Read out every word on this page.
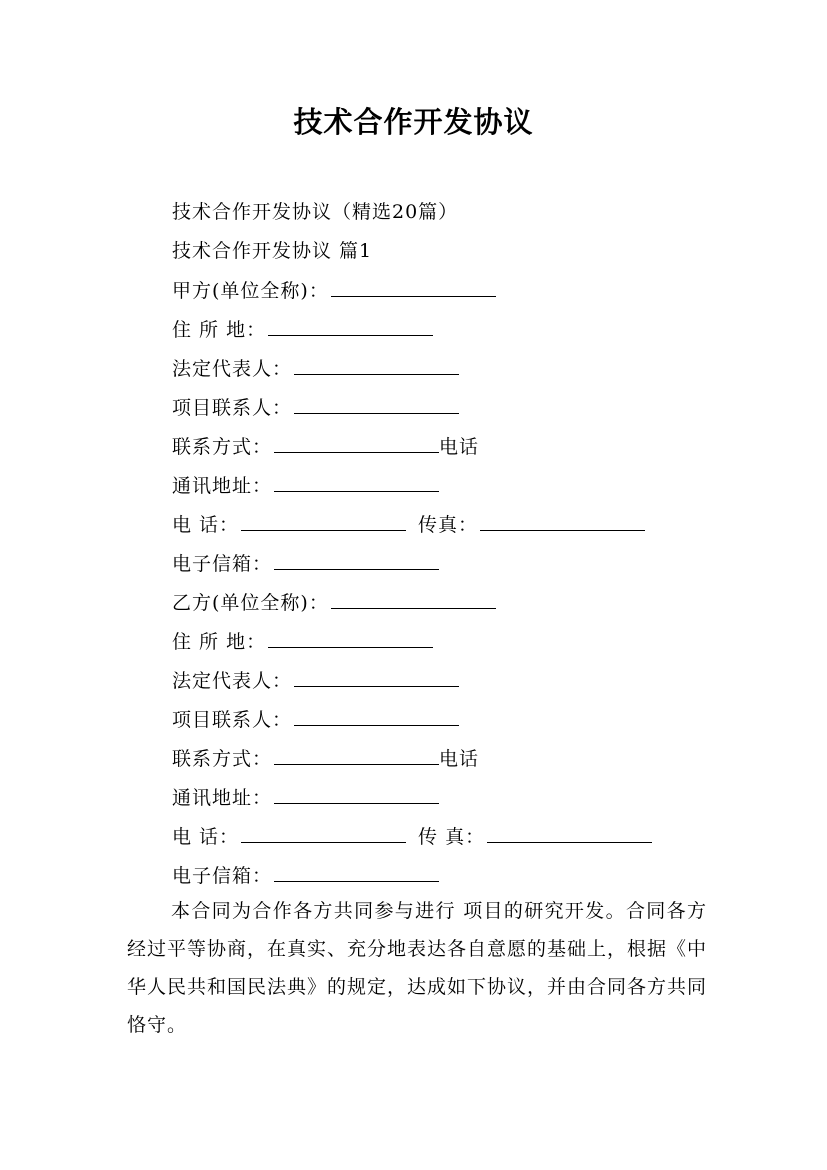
技术合作开发协议
技术合作开发协议（精选20篇）
技术合作开发协议 篇1
甲方(单位全称)：
住 所 地：
法定代表人：
项目联系人：
联系方式：	电话
通讯地址：
电 话：	传真：
电子信箱：
乙方(单位全称)：
住 所 地：
法定代表人：
项目联系人：
联系方式：	电话
通讯地址：
电 话：	传 真：
电子信箱：
本合同为合作各方共同参与进行 项目的研究开发。合同各方经过平等协商，在真实、充分地表达各自意愿的基础上，根据《中华人民共和国民法典》的规定，达成如下协议，并由合同各方共同恪守。
